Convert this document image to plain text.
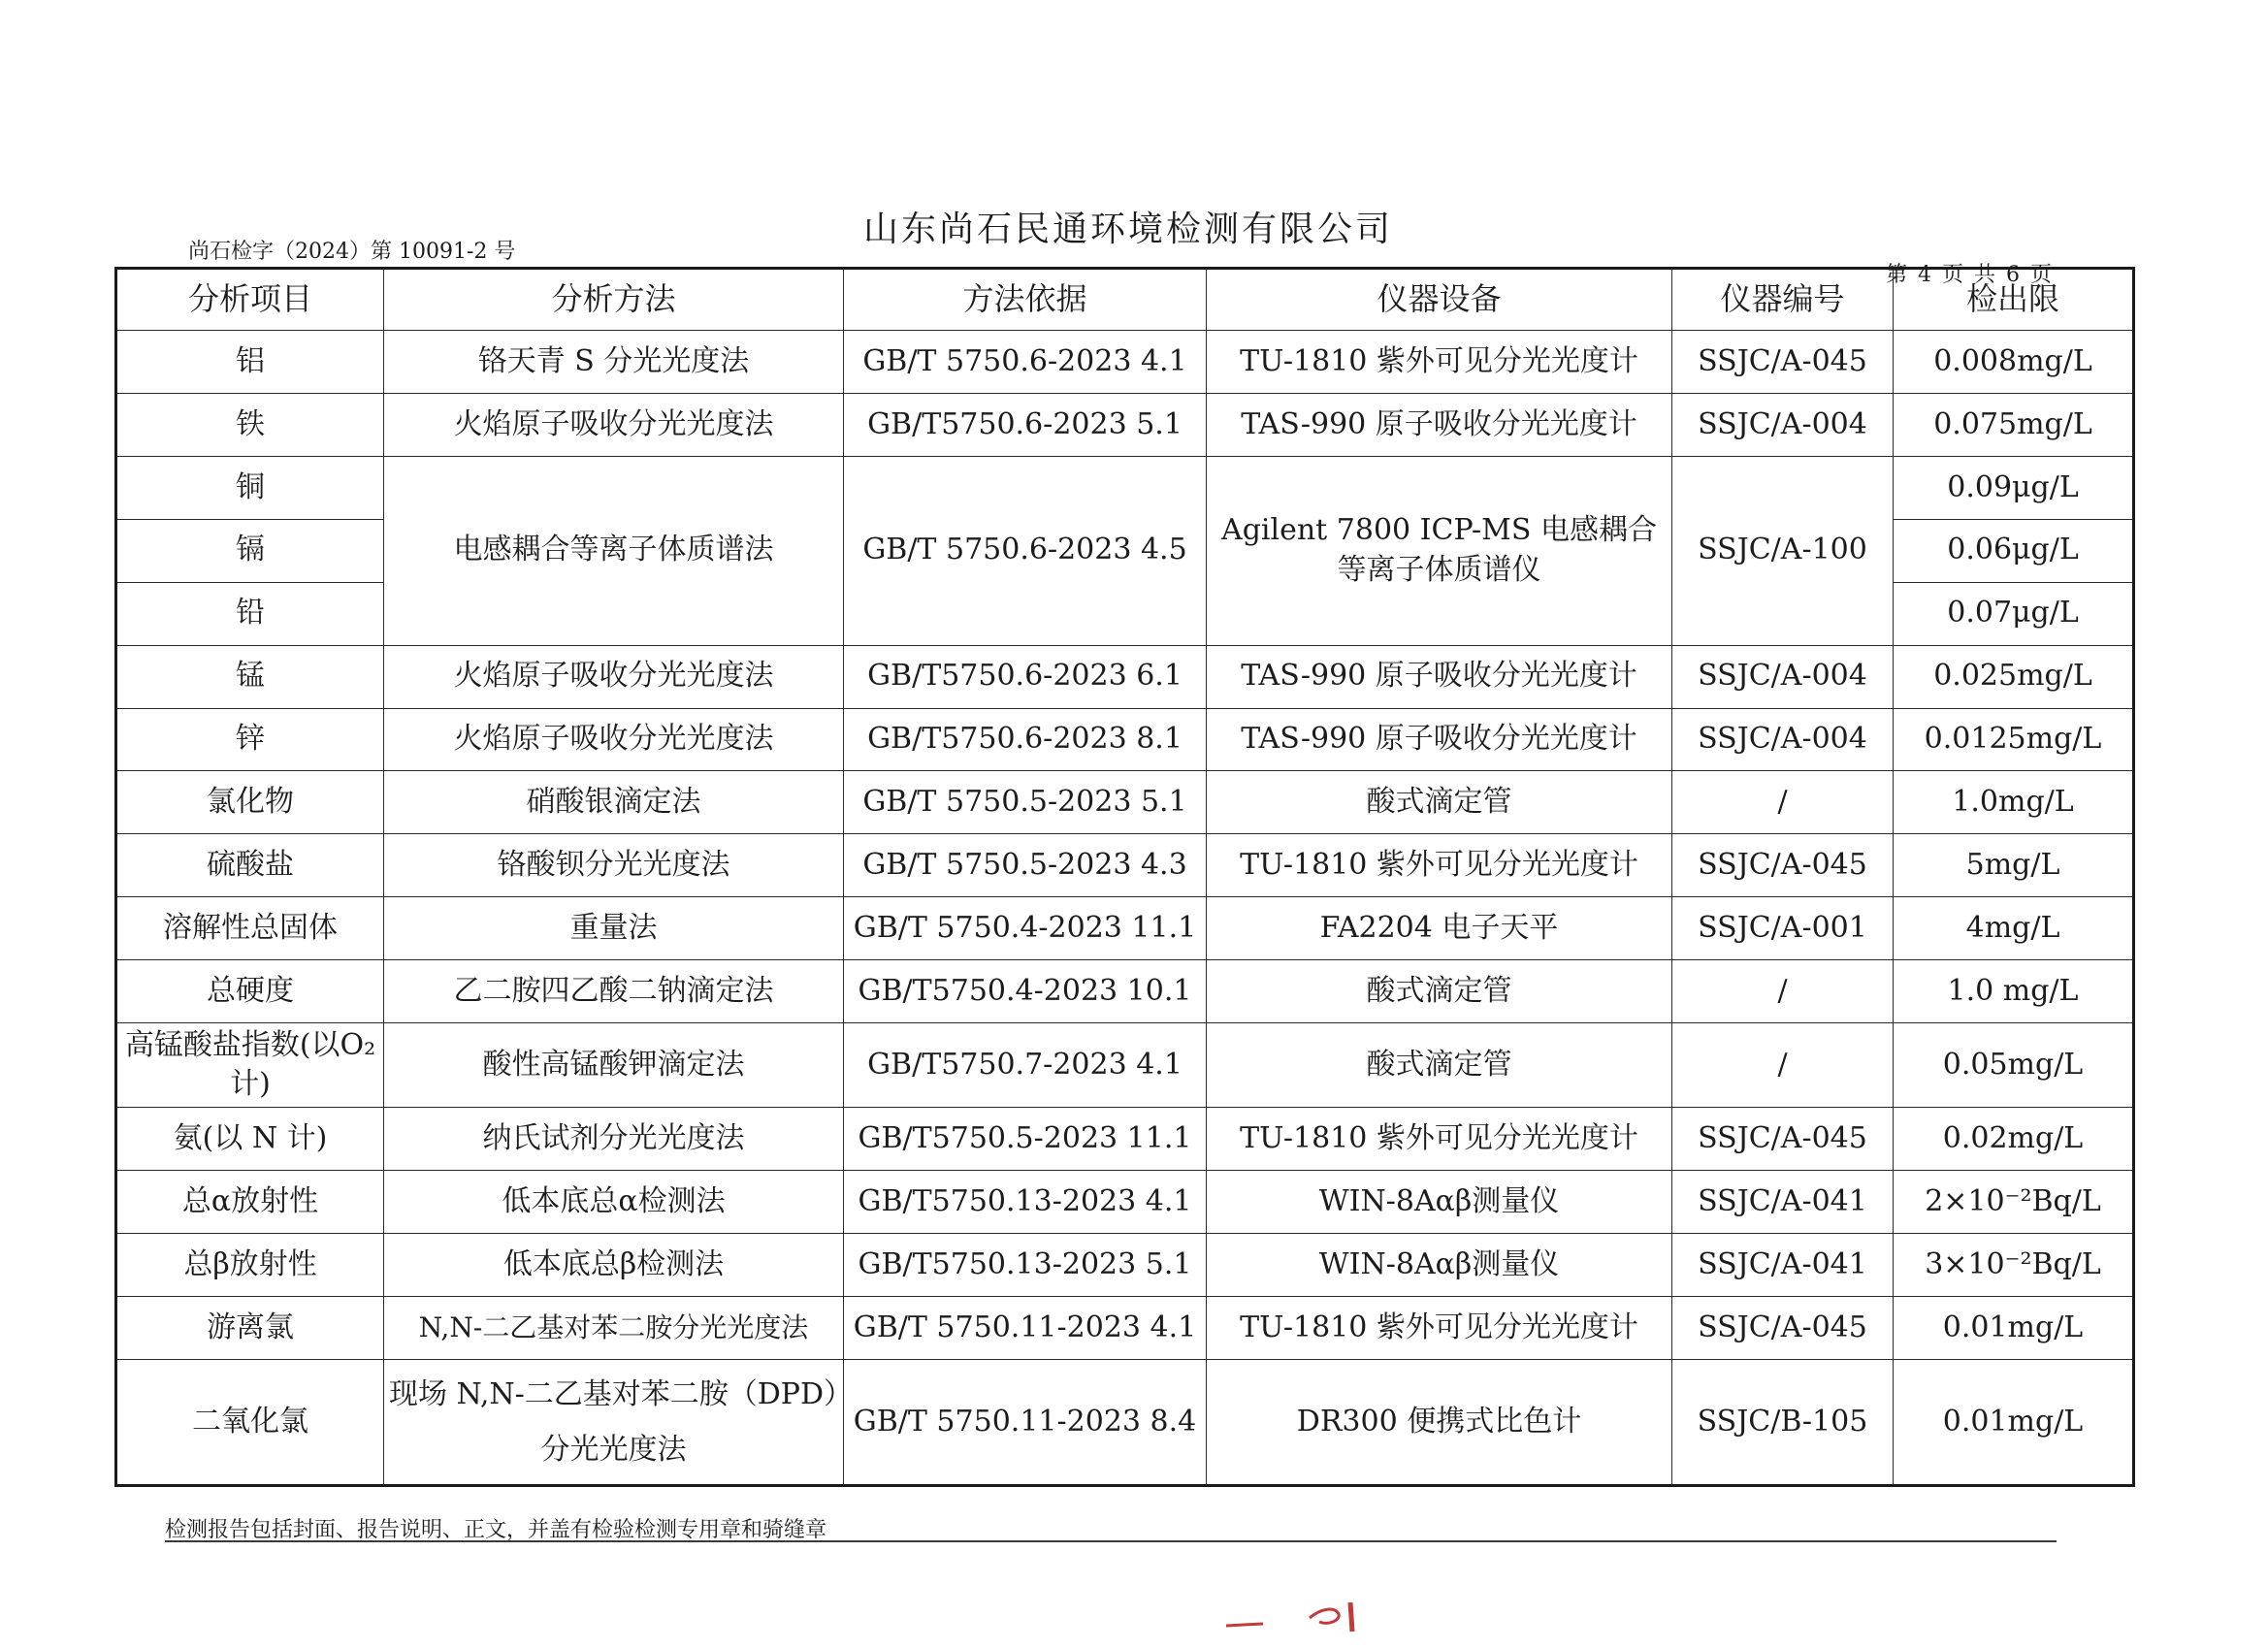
山东尚石民通环境检测有限公司
尚石检字（2024）第 10091-2 号
第 4 页 共 6 页
分析项目	分析方法	方法依据	仪器设备	仪器编号	检出限
铝	铬天青 S 分光光度法	GB/T 5750.6-2023 4.1	TU-1810 紫外可见分光光度计	SSJC/A-045	0.008mg/L
铁	火焰原子吸收分光光度法	GB/T5750.6-2023 5.1	TAS-990 原子吸收分光光度计	SSJC/A-004	0.075mg/L
铜	电感耦合等离子体质谱法	GB/T 5750.6-2023 4.5	Agilent 7800 ICP-MS 电感耦合等离子体质谱仪	SSJC/A-100	0.09μg/L
镉					0.06μg/L
铅					0.07μg/L
锰	火焰原子吸收分光光度法	GB/T5750.6-2023 6.1	TAS-990 原子吸收分光光度计	SSJC/A-004	0.025mg/L
锌	火焰原子吸收分光光度法	GB/T5750.6-2023 8.1	TAS-990 原子吸收分光光度计	SSJC/A-004	0.0125mg/L
氯化物	硝酸银滴定法	GB/T 5750.5-2023 5.1	酸式滴定管	/	1.0mg/L
硫酸盐	铬酸钡分光光度法	GB/T 5750.5-2023 4.3	TU-1810 紫外可见分光光度计	SSJC/A-045	5mg/L
溶解性总固体	重量法	GB/T 5750.4-2023 11.1	FA2204 电子天平	SSJC/A-001	4mg/L
总硬度	乙二胺四乙酸二钠滴定法	GB/T5750.4-2023 10.1	酸式滴定管	/	1.0 mg/L
高锰酸盐指数(以O₂计)	酸性高锰酸钾滴定法	GB/T5750.7-2023 4.1	酸式滴定管	/	0.05mg/L
氨(以 N 计)	纳氏试剂分光光度法	GB/T5750.5-2023 11.1	TU-1810 紫外可见分光光度计	SSJC/A-045	0.02mg/L
总α放射性	低本底总α检测法	GB/T5750.13-2023 4.1	WIN-8Aαβ测量仪	SSJC/A-041	2×10⁻²Bq/L
总β放射性	低本底总β检测法	GB/T5750.13-2023 5.1	WIN-8Aαβ测量仪	SSJC/A-041	3×10⁻²Bq/L
游离氯	N,N-二乙基对苯二胺分光光度法	GB/T 5750.11-2023 4.1	TU-1810 紫外可见分光光度计	SSJC/A-045	0.01mg/L
二氧化氯	现场 N,N-二乙基对苯二胺（DPD）分光光度法	GB/T 5750.11-2023 8.4	DR300 便携式比色计	SSJC/B-105	0.01mg/L
检测报告包括封面、报告说明、正文，并盖有检验检测专用章和骑缝章
